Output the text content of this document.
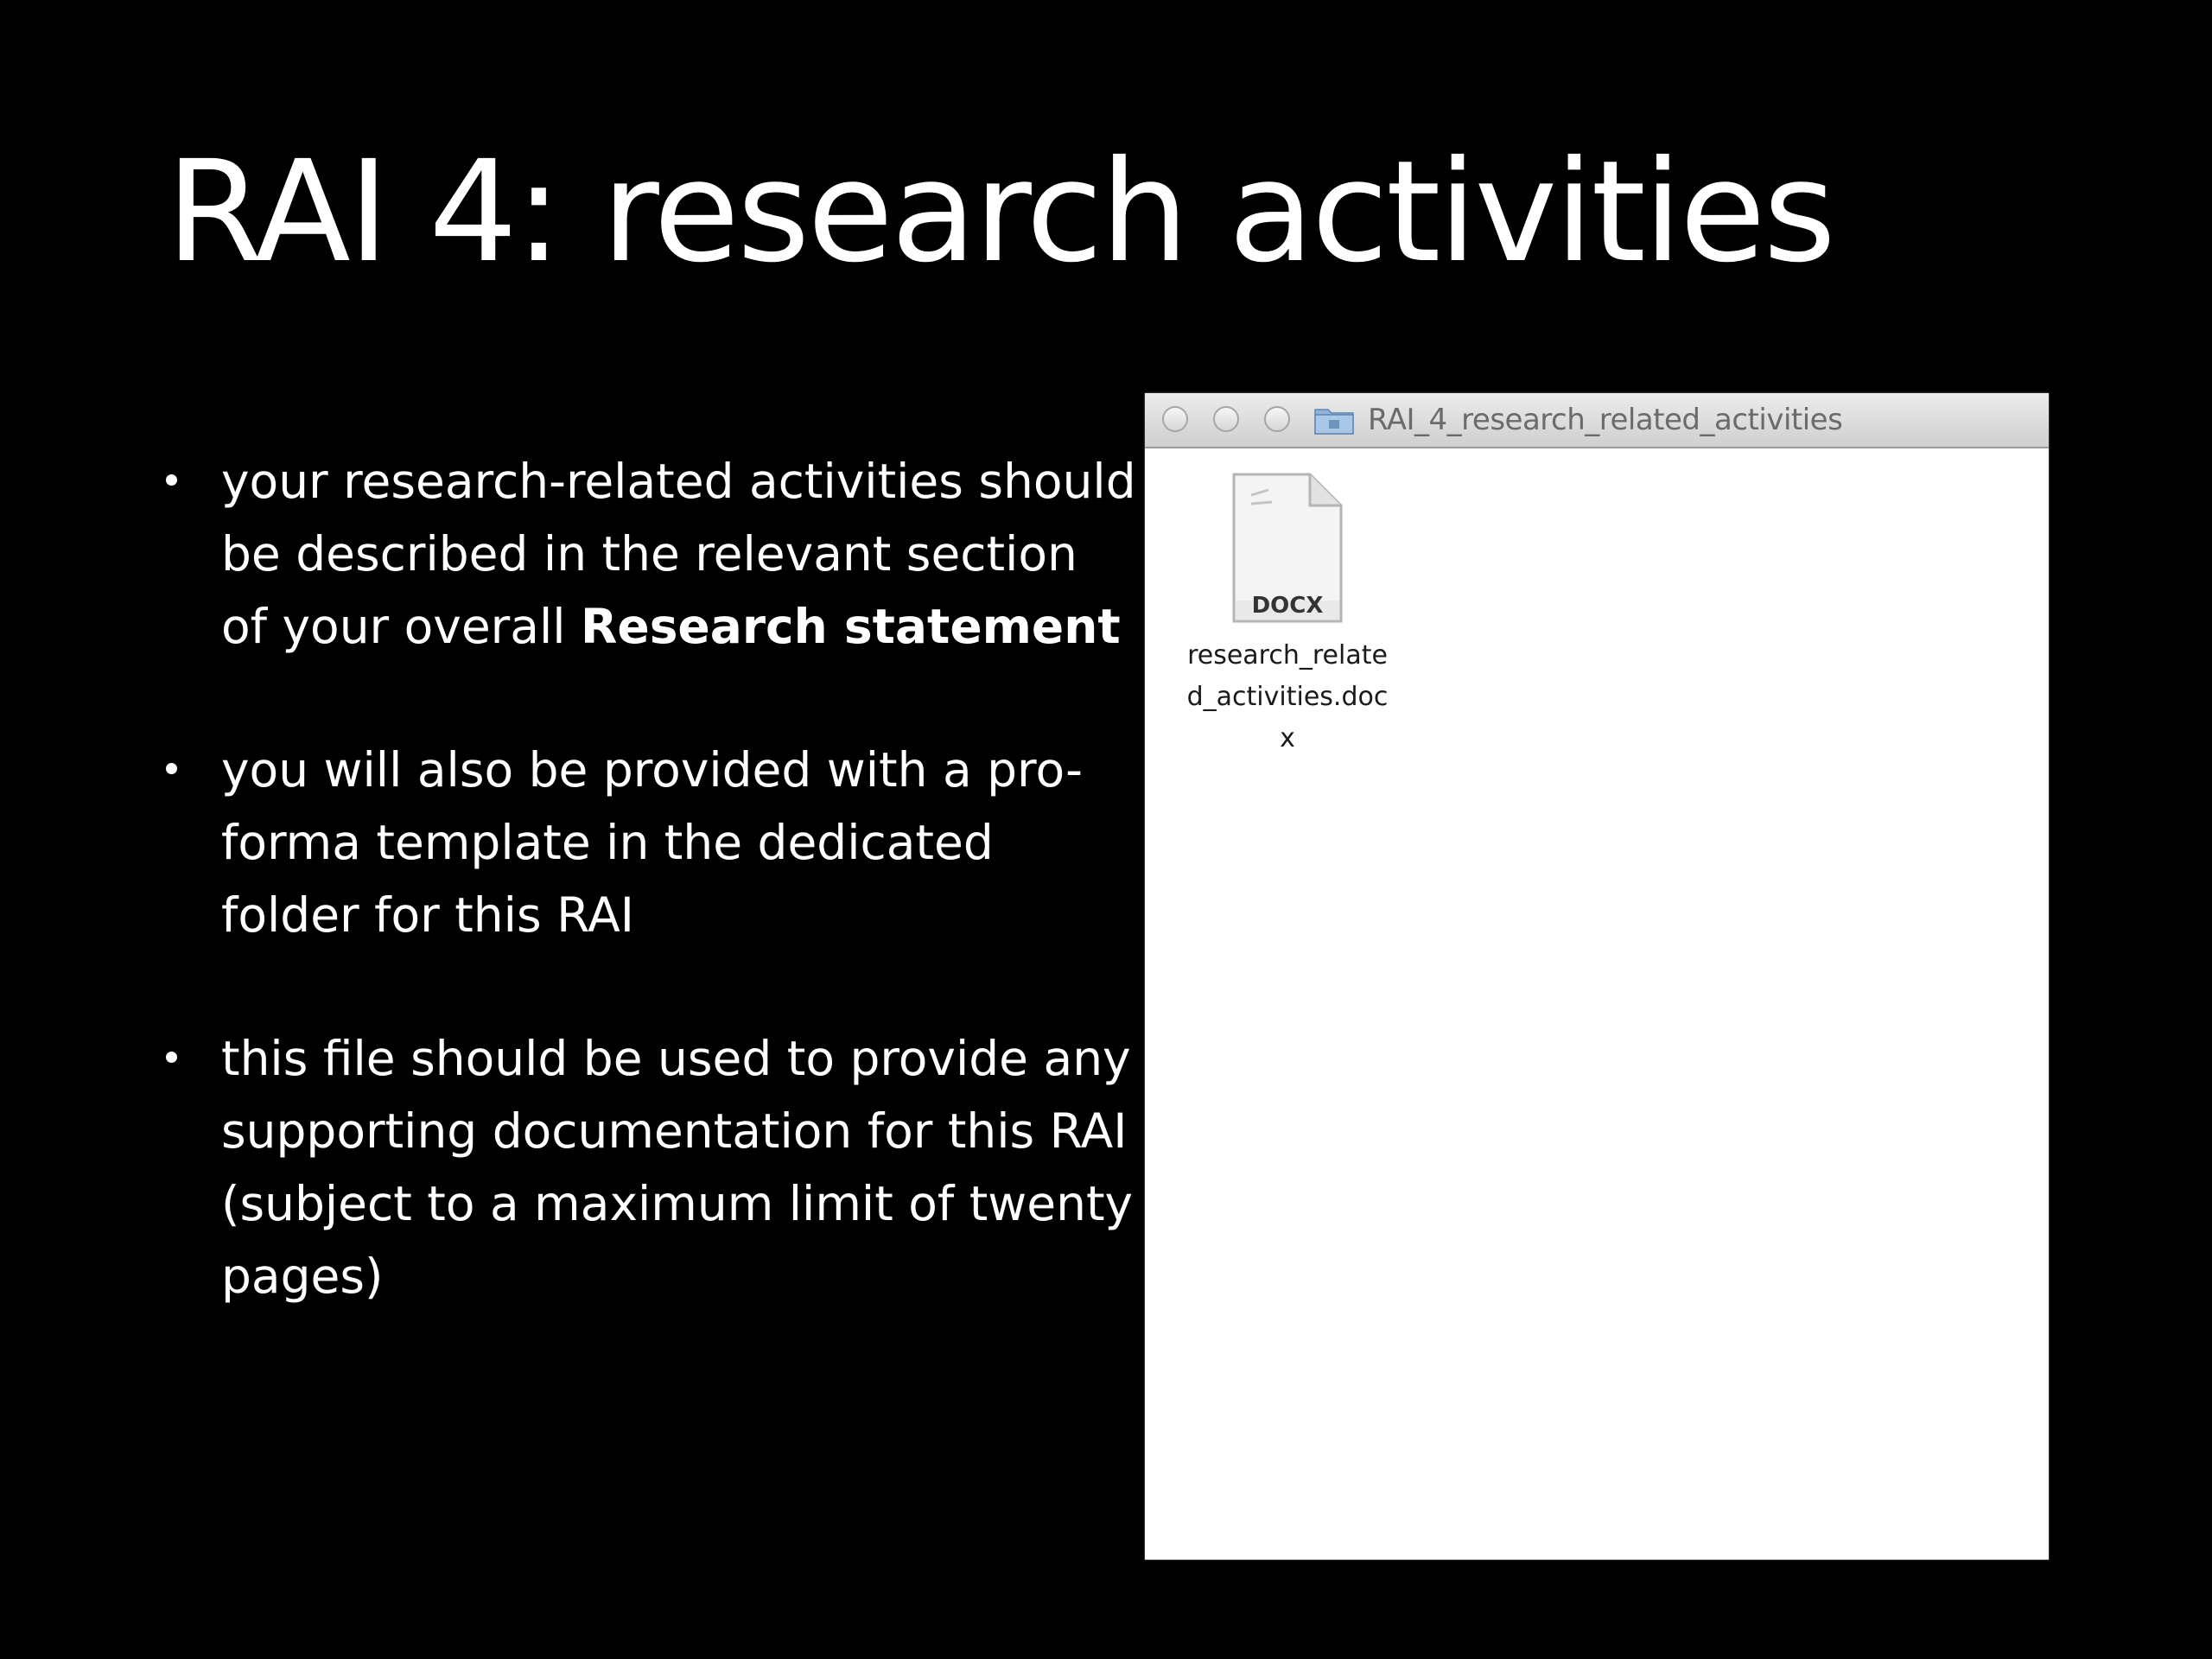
RAI 4: research activities
your research-related activities should be described in the relevant section of your overall Research statement
you will also be provided with a pro-forma template in the dedicated folder for this RAI
this file should be used to provide any supporting documentation for this RAI (subject to a maximum limit of twenty pages)
RAI_4_research_related_activities
DOCX
research_related_activities.docx
